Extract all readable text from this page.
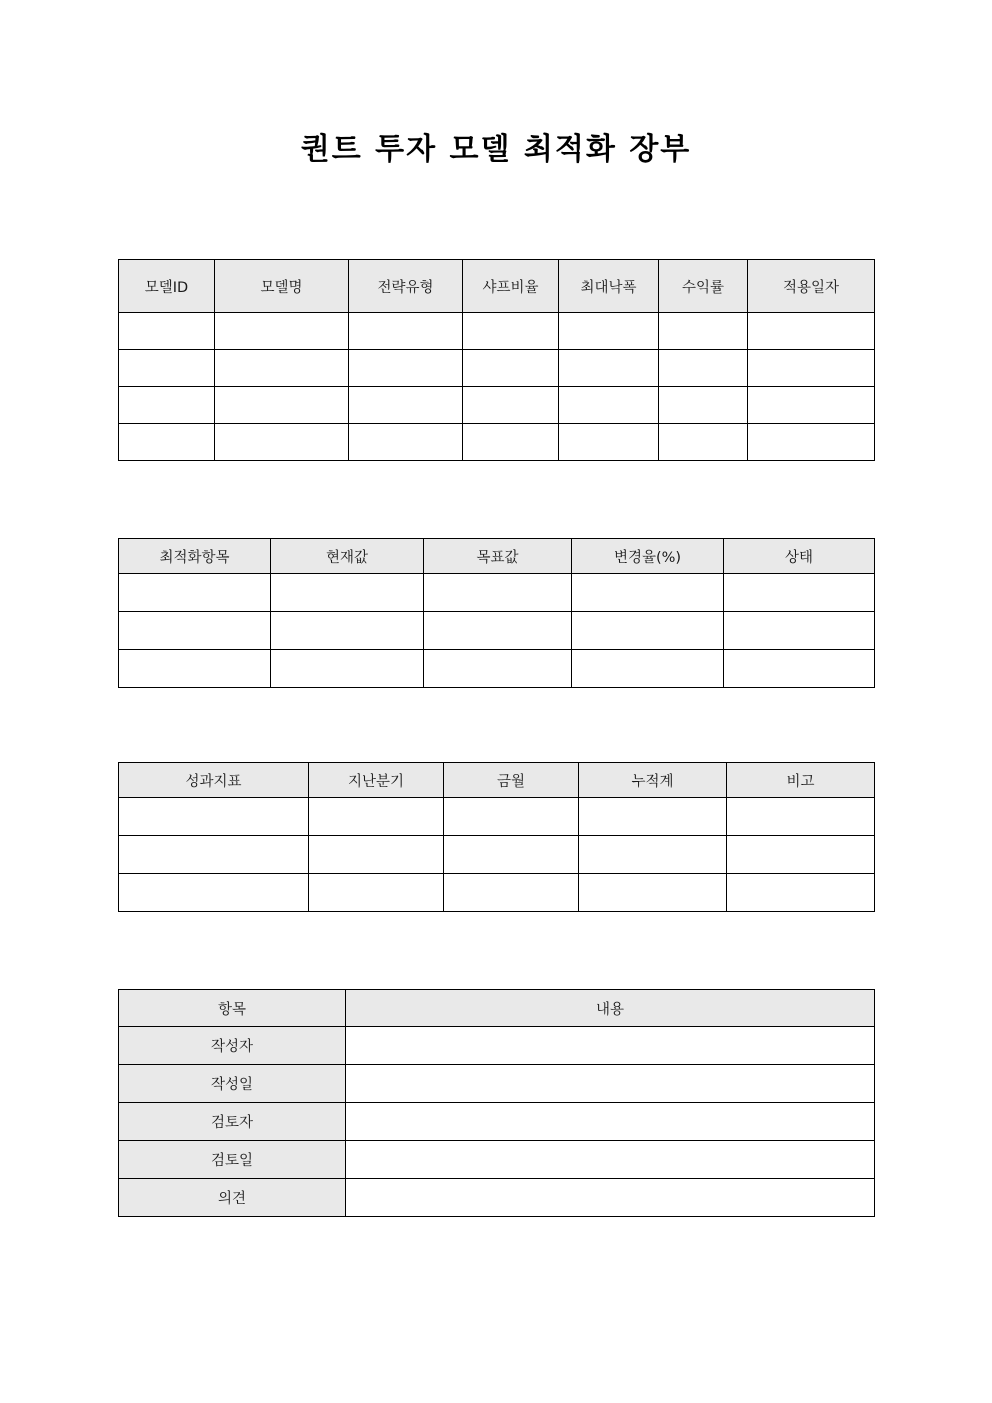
퀀트 투자 모델 최적화 장부
모델ID	모델명	전략유형	샤프비율	최대낙폭	수익률	적용일자

최적화항목	현재값	목표값	변경율(%)	상태

성과지표	지난분기	금월	누적계	비고

항목	내용
작성자	
작성일	
검토자	
검토일	
의견	
